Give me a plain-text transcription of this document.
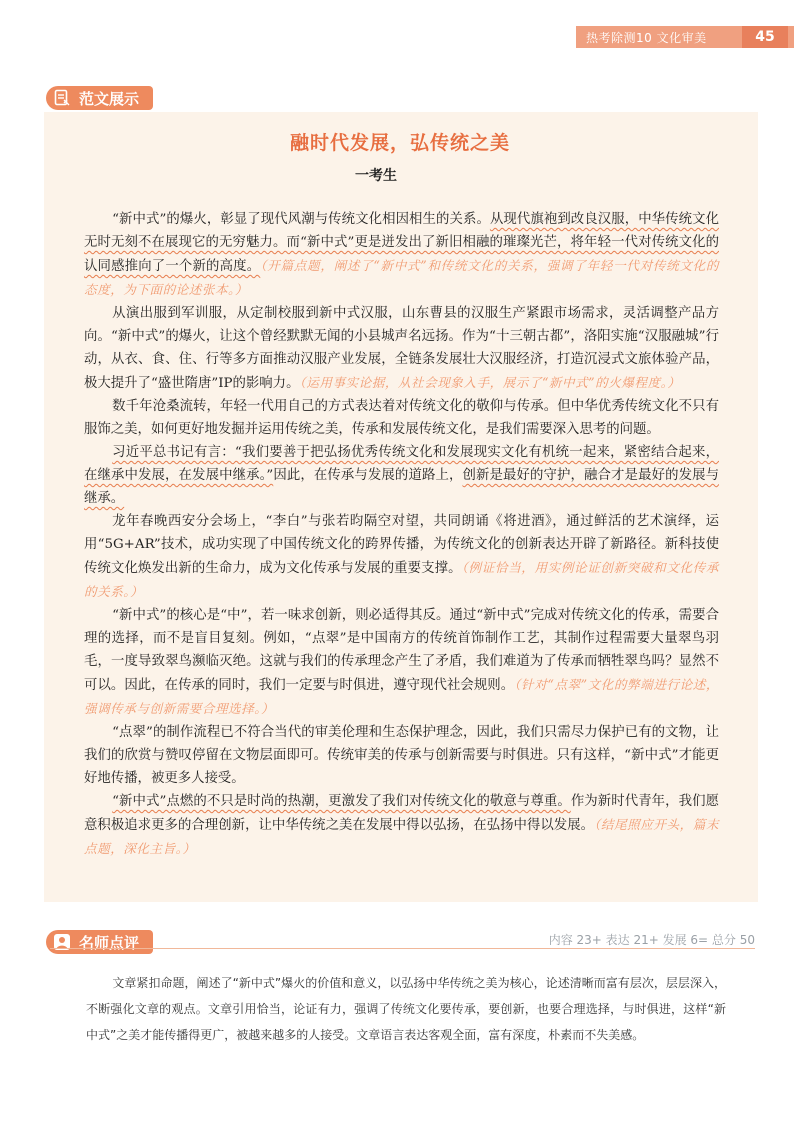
热考除测10 文化审美	45
范文展示
融时代发展，弘传统之美
一考生

“新中式”的爆火，彰显了现代风潮与传统文化相因相生的关系。从现代旗袍到改良汉服，中华传统文化无时无刻不在展现它的无穷魅力。而“新中式”更是迸发出了新旧相融的璀璨光芒，将年轻一代对传统文化的认同感推向了一个新的高度。（开篇点题，阐述了“新中式”和传统文化的关系，强调了年轻一代对传统文化的态度，为下面的论述张本。）

从演出服到军训服，从定制校服到新中式汉服，山东曹县的汉服生产紧跟市场需求，灵活调整产品方向。“新中式”的爆火，让这个曾经默默无闻的小县城声名远扬。作为“十三朝古都”，洛阳实施“汉服融城”行动，从衣、食、住、行等多方面推动汉服产业发展，全链条发展壮大汉服经济，打造沉浸式文旅体验产品，极大提升了“盛世隋唐”IP的影响力。（运用事实论据，从社会现象入手，展示了“新中式”的火爆程度。）

数千年沧桑流转，年轻一代用自己的方式表达着对传统文化的敬仰与传承。但中华优秀传统文化不只有服饰之美，如何更好地发掘并运用传统之美，传承和发展传统文化，是我们需要深入思考的问题。

习近平总书记有言：“我们要善于把弘扬优秀传统文化和发展现实文化有机统一起来，紧密结合起来，在继承中发展，在发展中继承。”因此，在传承与发展的道路上，创新是最好的守护，融合才是最好的发展与继承。

龙年春晚西安分会场上，“李白”与张若昀隔空对望，共同朗诵《将进酒》，通过鲜活的艺术演绎，运用“5G+AR”技术，成功实现了中国传统文化的跨界传播，为传统文化的创新表达开辟了新路径。新科技使传统文化焕发出新的生命力，成为文化传承与发展的重要支撑。（例证恰当，用实例论证创新突破和文化传承的关系。）

“新中式”的核心是“中”，若一味求创新，则必适得其反。通过“新中式”完成对传统文化的传承，需要合理的选择，而不是盲目复刻。例如，“点翠”是中国南方的传统首饰制作工艺，其制作过程需要大量翠鸟羽毛，一度导致翠鸟濒临灭绝。这就与我们的传承理念产生了矛盾，我们难道为了传承而牺牲翠鸟吗？显然不可以。因此，在传承的同时，我们一定要与时俱进，遵守现代社会规则。（针对“点翠”文化的弊端进行论述，强调传承与创新需要合理选择。）

“点翠”的制作流程已不符合当代的审美伦理和生态保护理念，因此，我们只需尽力保护已有的文物，让我们的欣赏与赞叹停留在文物层面即可。传统审美的传承与创新需要与时俱进。只有这样，“新中式”才能更好地传播，被更多人接受。

“新中式”点燃的不只是时尚的热潮，更激发了我们对传统文化的敬意与尊重。作为新时代青年，我们愿意积极追求更多的合理创新，让中华传统之美在发展中得以弘扬，在弘扬中得以发展。（结尾照应开头，篇末点题，深化主旨。）

名师点评	内容 23+ 表达 21+ 发展 6= 总分 50

文章紧扣命题，阐述了“新中式”爆火的价值和意义，以弘扬中华传统之美为核心，论述清晰而富有层次，层层深入，不断强化文章的观点。文章引用恰当，论证有力，强调了传统文化要传承，要创新，也要合理选择，与时俱进，这样“新中式”之美才能传播得更广，被越来越多的人接受。文章语言表达客观全面，富有深度，朴素而不失美感。
